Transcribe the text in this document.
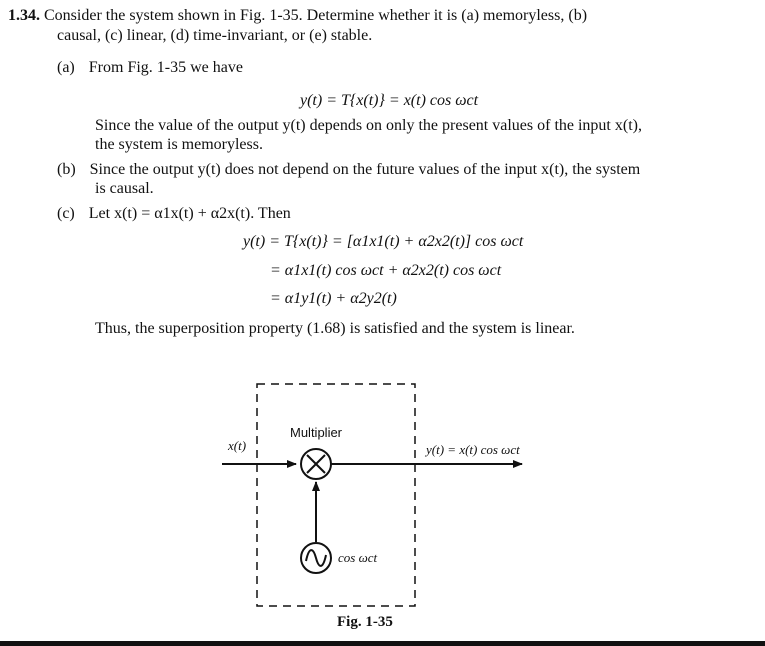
1.34. Consider the system shown in Fig. 1-35. Determine whether it is (a) memoryless, (b)
causal, (c) linear, (d) time-invariant, or (e) stable.
(a) From Fig. 1-35 we have
y(t) = T{x(t)} = x(t) cos ωct
Since the value of the output y(t) depends on only the present values of the input x(t),
the system is memoryless.
(b) Since the output y(t) does not depend on the future values of the input x(t), the system
is causal.
(c) Let x(t) = α1x(t) + α2x(t). Then
y(t) = T{x(t)} = [α1x1(t) + α2x2(t)] cos ωct
= α1x1(t) cos ωct + α2x2(t) cos ωct
= α1y1(t) + α2y2(t)
Thus, the superposition property (1.68) is satisfied and the system is linear.
Multiplier
x(t)	y(t) = x(t) cos ωct
cos ωct
Fig. 1-35
